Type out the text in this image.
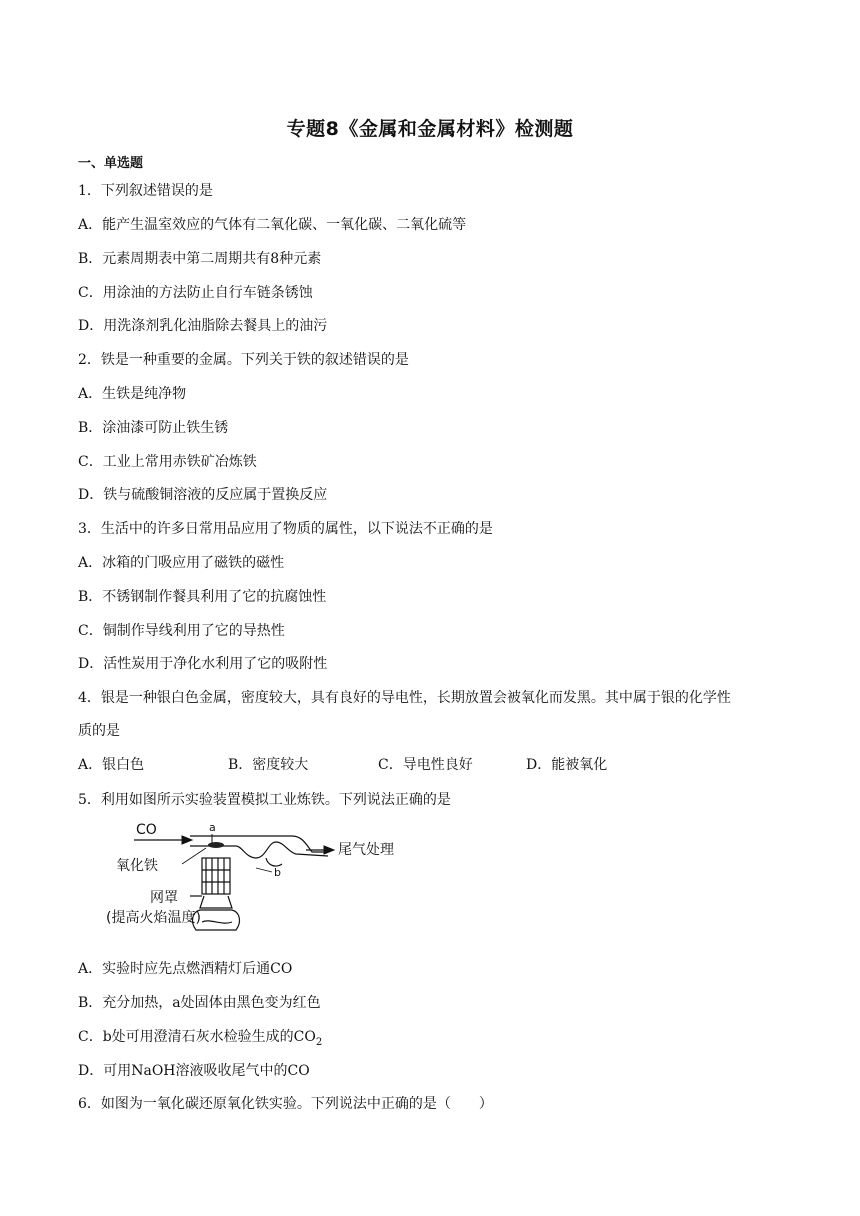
专题8《金属和金属材料》检测题
一、单选题
1．下列叙述错误的是
A．能产生温室效应的气体有二氧化碳、一氧化碳、二氧化硫等
B．元素周期表中第二周期共有8种元素
C．用涂油的方法防止自行车链条锈蚀
D．用洗涤剂乳化油脂除去餐具上的油污
2．铁是一种重要的金属。下列关于铁的叙述错误的是
A．生铁是纯净物
B．涂油漆可防止铁生锈
C．工业上常用赤铁矿冶炼铁
D．铁与硫酸铜溶液的反应属于置换反应
3．生活中的许多日常用品应用了物质的属性，以下说法不正确的是
A．冰箱的门吸应用了磁铁的磁性
B．不锈钢制作餐具利用了它的抗腐蚀性
C．铜制作导线利用了它的导热性
D．活性炭用于净化水利用了它的吸附性
4．银是一种银白色金属，密度较大，具有良好的导电性，长期放置会被氧化而发黑。其中属于银的化学性
质的是
A．银白色	B．密度较大	C．导电性良好	D．能被氧化
5．利用如图所示实验装置模拟工业炼铁。下列说法正确的是
CO	a
氧化铁	b
尾气处理
网罩
(提高火焰温度)
A．实验时应先点燃酒精灯后通CO
B．充分加热，a处固体由黑色变为红色
C．b处可用澄清石灰水检验生成的$CO_2$
D．可用NaOH溶液吸收尾气中的CO
6．如图为一氧化碳还原氧化铁实验。下列说法中正确的是（　　）
